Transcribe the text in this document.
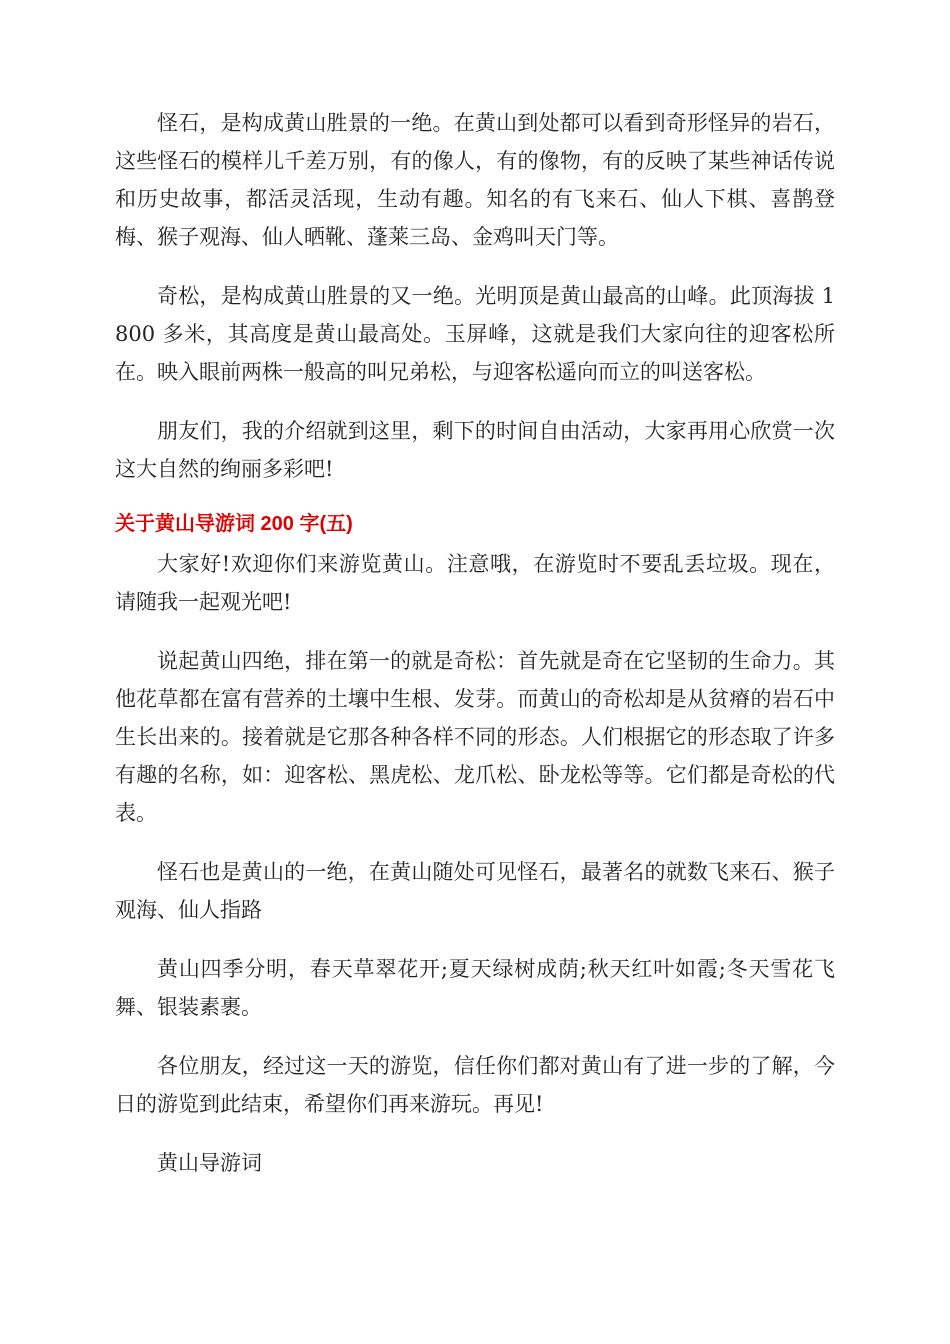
怪石，是构成黄山胜景的一绝。在黄山到处都可以看到奇形怪异的岩石，这些怪石的模样儿千差万别，有的像人，有的像物，有的反映了某些神话传说和历史故事，都活灵活现，生动有趣。知名的有飞来石、仙人下棋、喜鹊登梅、猴子观海、仙人晒靴、蓬莱三岛、金鸡叫天门等。

奇松，是构成黄山胜景的又一绝。光明顶是黄山最高的山峰。此顶海拔 1800 多米，其高度是黄山最高处。玉屏峰，这就是我们大家向往的迎客松所在。映入眼前两株一般高的叫兄弟松，与迎客松遥向而立的叫送客松。

朋友们，我的介绍就到这里，剩下的时间自由活动，大家再用心欣赏一次这大自然的绚丽多彩吧!

关于黄山导游词 200 字(五)

大家好!欢迎你们来游览黄山。注意哦，在游览时不要乱丢垃圾。现在，请随我一起观光吧!

说起黄山四绝，排在第一的就是奇松：首先就是奇在它坚韧的生命力。其他花草都在富有营养的土壤中生根、发芽。而黄山的奇松却是从贫瘠的岩石中生长出来的。接着就是它那各种各样不同的形态。人们根据它的形态取了许多有趣的名称，如：迎客松、黑虎松、龙爪松、卧龙松等等。它们都是奇松的代表。

怪石也是黄山的一绝，在黄山随处可见怪石，最著名的就数飞来石、猴子观海、仙人指路

黄山四季分明，春天草翠花开;夏天绿树成荫;秋天红叶如霞;冬天雪花飞舞、银装素裹。

各位朋友，经过这一天的游览，信任你们都对黄山有了进一步的了解，今日的游览到此结束，希望你们再来游玩。再见!

黄山导游词
